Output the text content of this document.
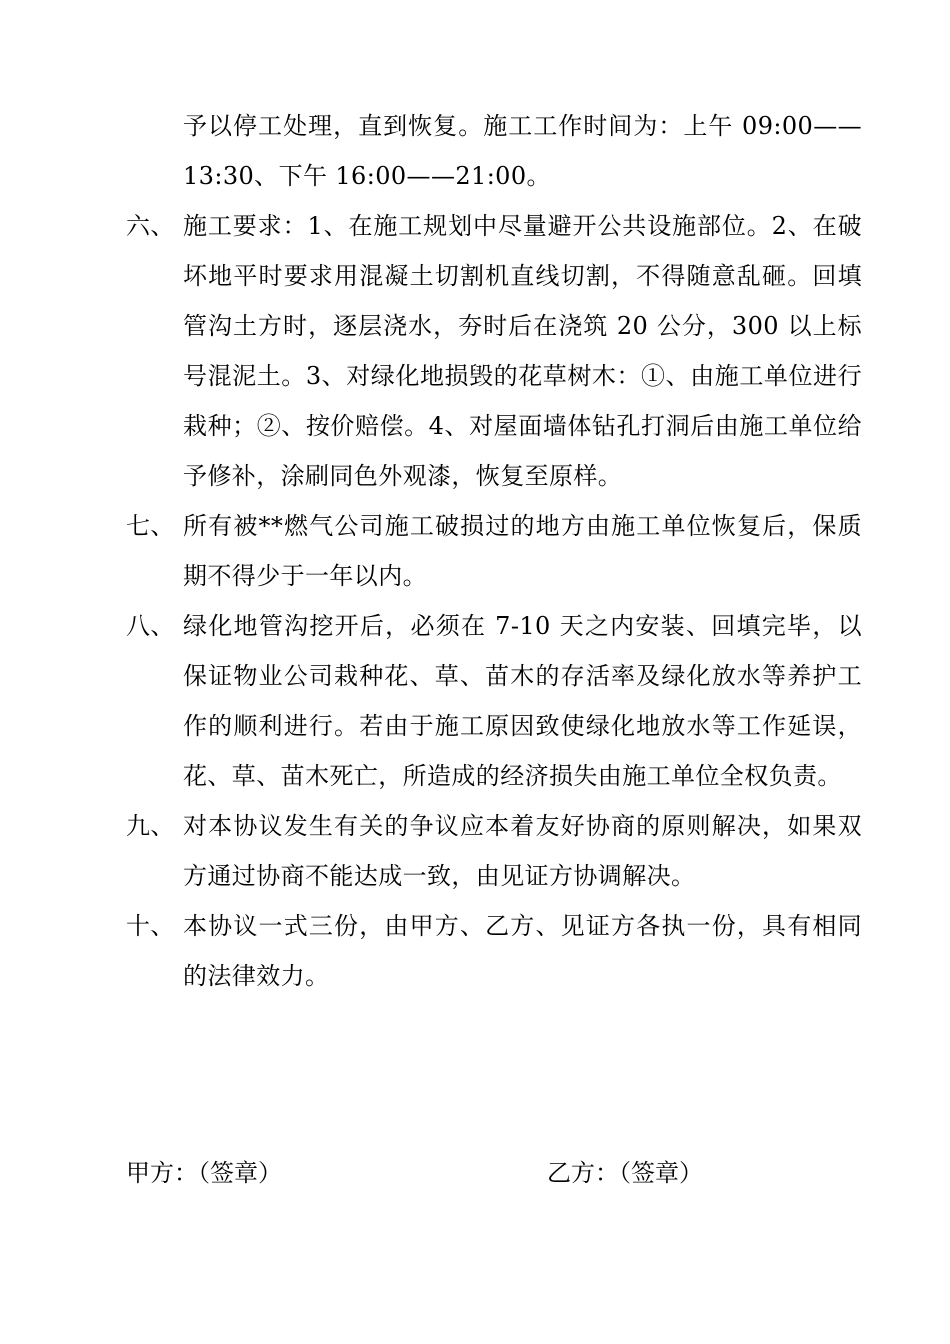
予以停工处理，直到恢复。施工工作时间为：上午 09:00——13:30、下午 16:00——21:00。
六、 施工要求：1、在施工规划中尽量避开公共设施部位。2、在破坏地平时要求用混凝土切割机直线切割，不得随意乱砸。回填管沟土方时，逐层浇水，夯时后在浇筑 20 公分，300 以上标号混泥土。3、对绿化地损毁的花草树木：①、由施工单位进行栽种；②、按价赔偿。4、对屋面墙体钻孔打洞后由施工单位给予修补，涂刷同色外观漆，恢复至原样。
七、 所有被**燃气公司施工破损过的地方由施工单位恢复后，保质期不得少于一年以内。
八、 绿化地管沟挖开后，必须在 7-10 天之内安装、回填完毕，以保证物业公司栽种花、草、苗木的存活率及绿化放水等养护工作的顺利进行。若由于施工原因致使绿化地放水等工作延误，花、草、苗木死亡，所造成的经济损失由施工单位全权负责。
九、 对本协议发生有关的争议应本着友好协商的原则解决，如果双方通过协商不能达成一致，由见证方协调解决。
十、 本协议一式三份，由甲方、乙方、见证方各执一份，具有相同的法律效力。
甲方：（签章）	乙方：（签章）
